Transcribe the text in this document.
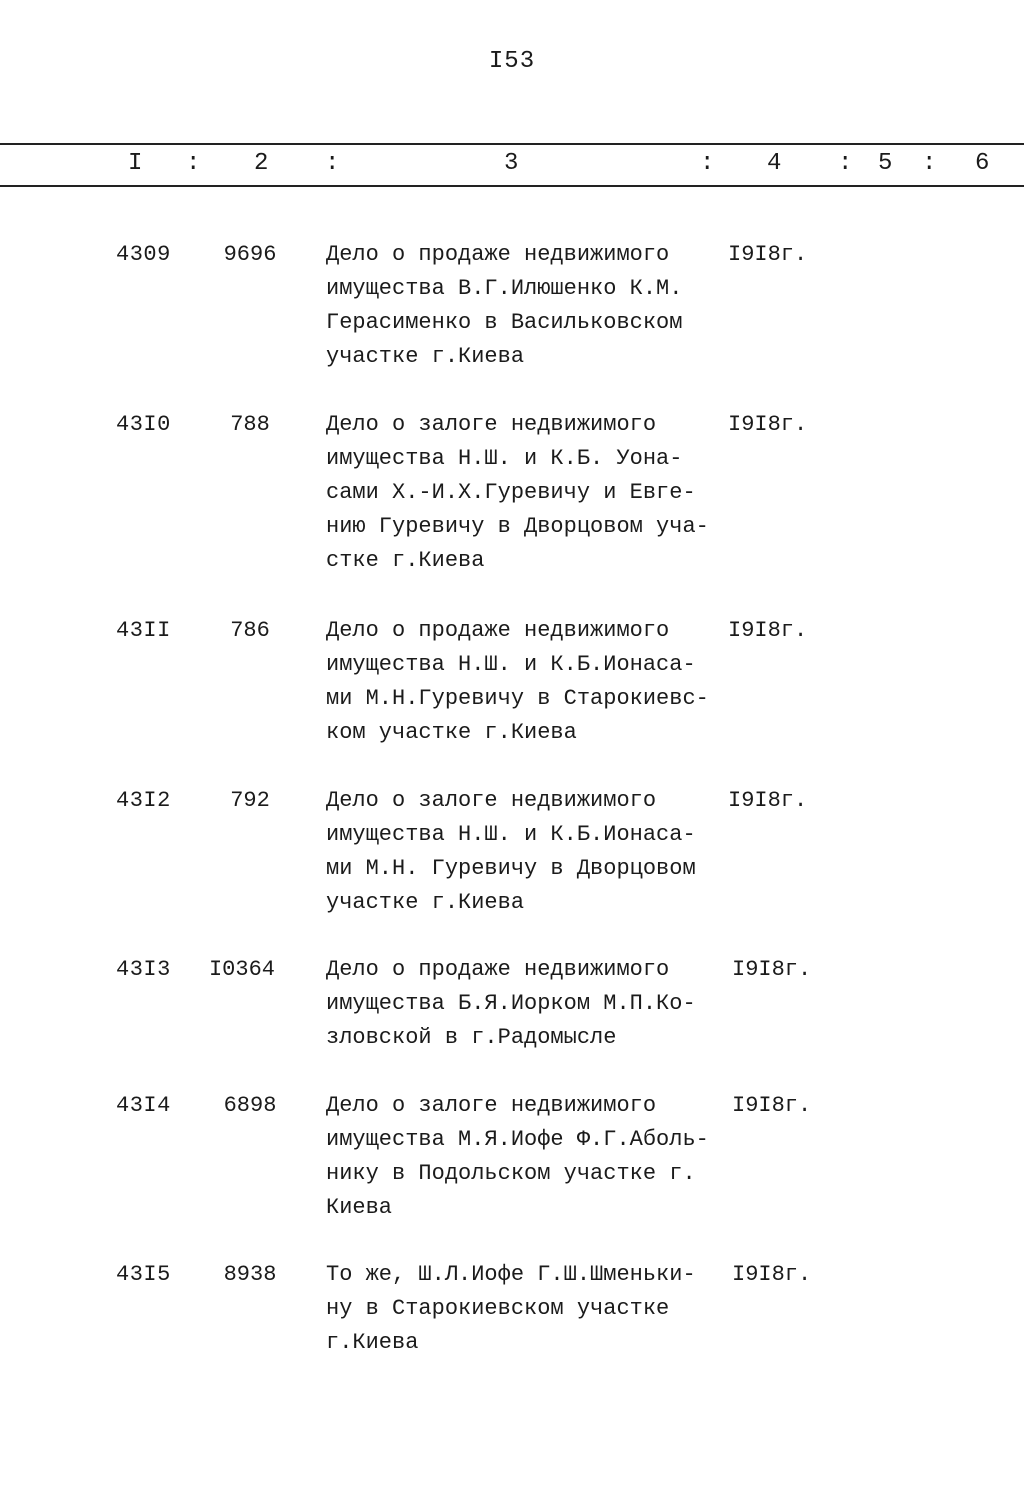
I53
I : 2 :	3	: 4 : 5 : 6
4309	9696	Дело о продаже недвижимого
имущества В.Г.Илюшенко К.М.
Герасименко в Васильковском
участке г.Киева
I9I8г.
43I0	788	Дело о залоге недвижимого
имущества Н.Ш. и К.Б. Уона-
сами Х.-И.Х.Гуревичу и Евге-
нию Гуревичу в Дворцовом уча-
стке г.Киева
I9I8г.
43II	786	Дело о продаже недвижимого
имущества Н.Ш. и К.Б.Ионаса-
ми М.Н.Гуревичу в Старокиевс-
ком участке г.Киева
I9I8г.
43I2	792	Дело о залоге недвижимого
имущества Н.Ш. и К.Б.Ионаса-
ми М.Н. Гуревичу в Дворцовом
участке г.Киева
I9I8г.
43I3	I0364	Дело о продаже недвижимого
имущества Б.Я.Иорком М.П.Ко-
зловской в г.Радомысле
I9I8г.
43I4	6898	Дело о залоге недвижимого
имущества М.Я.Иофе Ф.Г.Аболь-
нику в Подольском участке г.
Киева
I9I8г.
43I5	8938	То же, Ш.Л.Иофе Г.Ш.Шменьки-
ну в Старокиевском участке
г.Киева
I9I8г.
